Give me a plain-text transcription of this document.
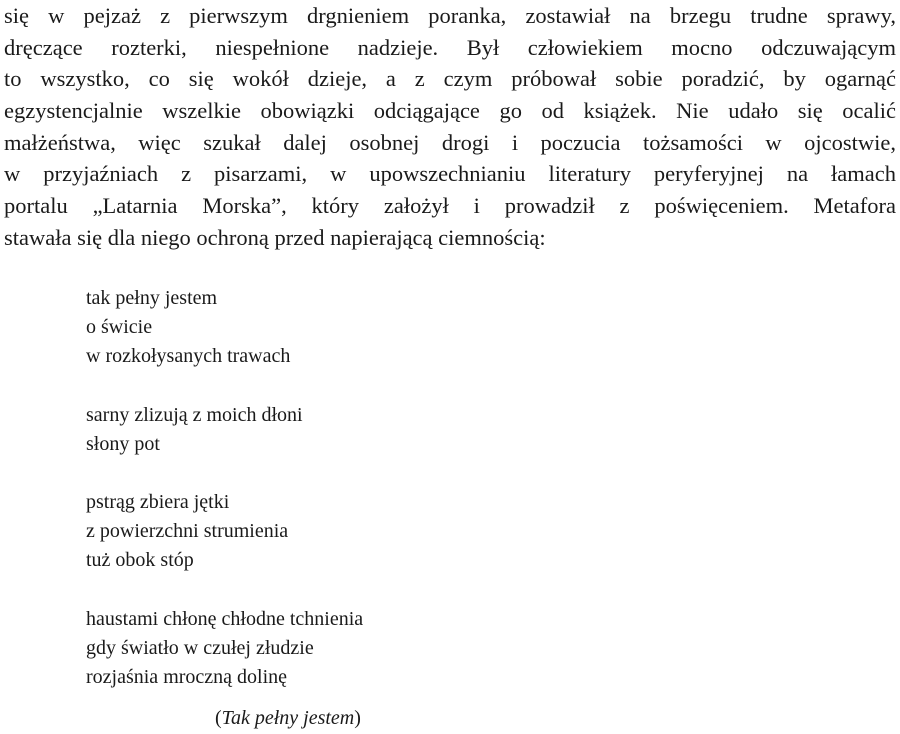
się w pejzaż z pierwszym drgnieniem poranka, zostawiał na brzegu trudne sprawy,
dręczące rozterki, niespełnione nadzieje. Był człowiekiem mocno odczuwającym
to wszystko, co się wokół dzieje, a z czym próbował sobie poradzić, by ogarnąć
egzystencjalnie wszelkie obowiązki odciągające go od książek. Nie udało się ocalić
małżeństwa, więc szukał dalej osobnej drogi i poczucia tożsamości w ojcostwie,
w przyjaźniach z pisarzami, w upowszechnianiu literatury peryferyjnej na łamach
portalu „Latarnia Morska”, który założył i prowadził z poświęceniem. Metafora
stawała się dla niego ochroną przed napierającą ciemnością:
tak pełny jestem
o świcie
w rozkołysanych trawach
sarny zlizują z moich dłoni
słony pot
pstrąg zbiera jętki
z powierzchni strumienia
tuż obok stóp
haustami chłonę chłodne tchnienia
gdy światło w czułej złudzie
rozjaśnia mroczną dolinę
(Tak pełny jestem)
